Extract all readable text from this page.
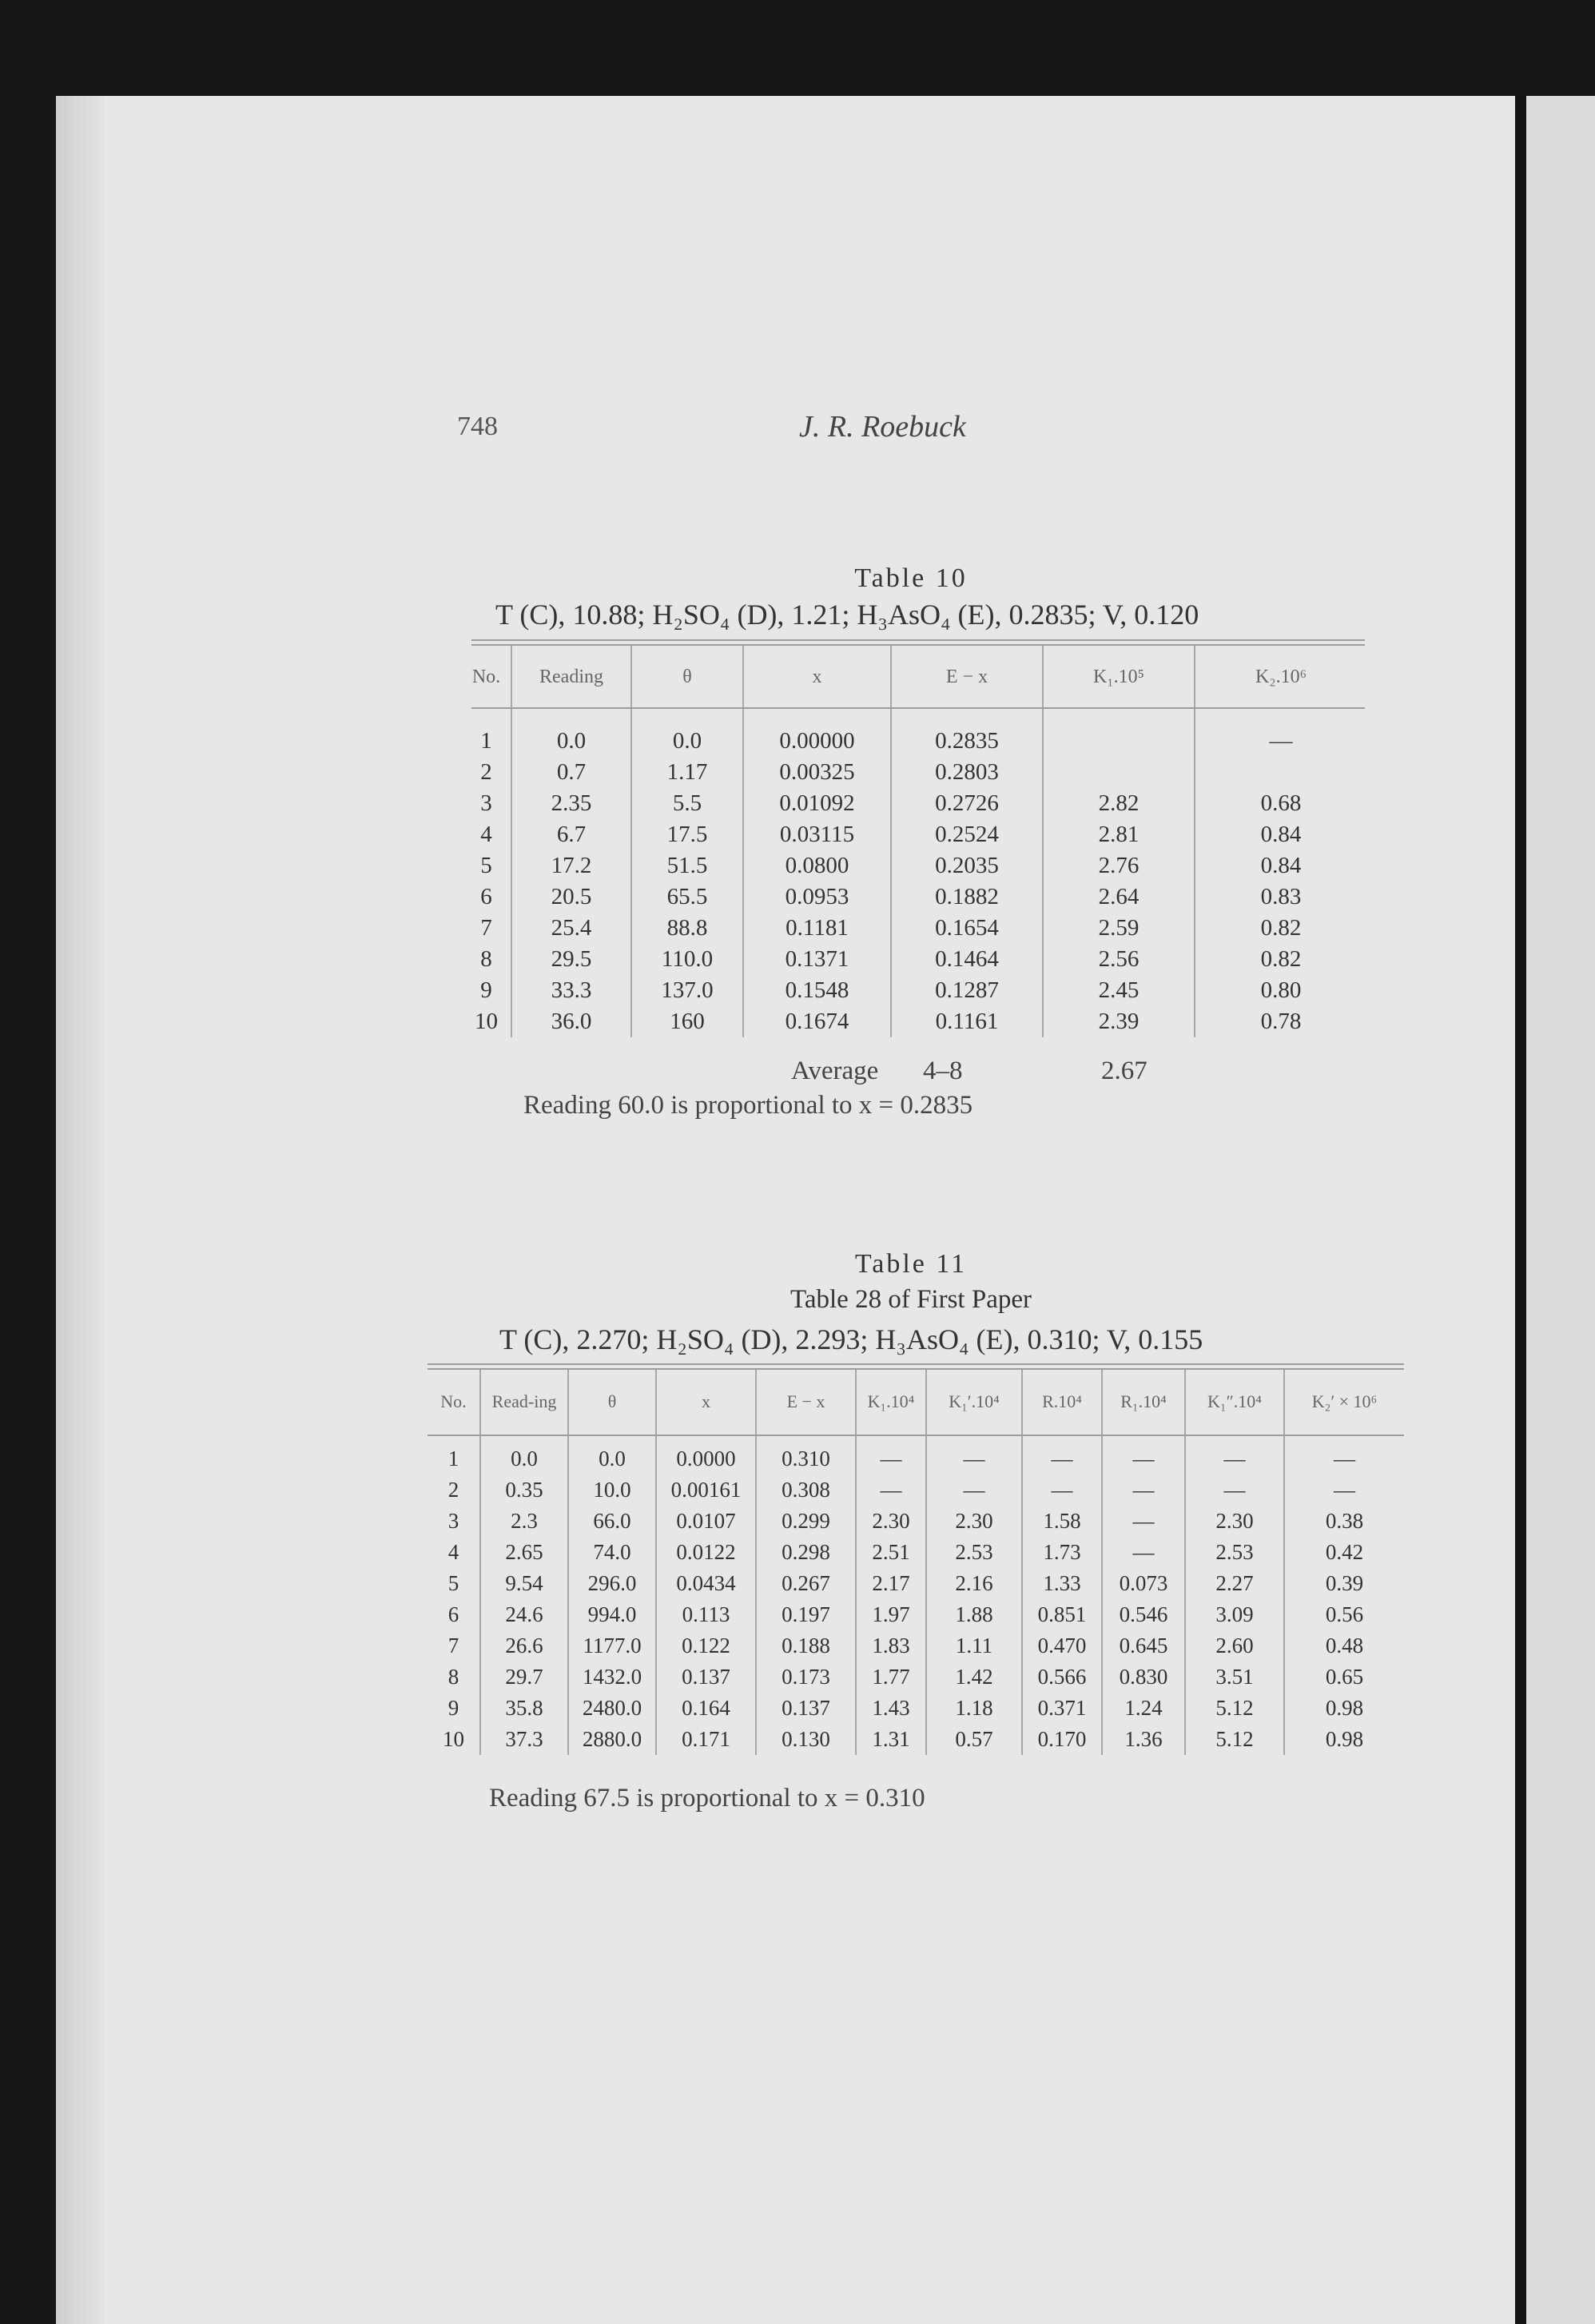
748	J. R. Roebuck
Table 10
T (C), 10.88; H₂SO₄ (D), 1.21; H₃AsO₄ (E), 0.2835; V, 0.120
No.	Reading	θ	x	E − x	K₁.10⁵	K₂.10⁶
1	0.0	0.0	0.00000	0.2835		—
2	0.7	1.17	0.00325	0.2803		
3	2.35	5.5	0.01092	0.2726	2.82	0.68
4	6.7	17.5	0.03115	0.2524	2.81	0.84
5	17.2	51.5	0.0800	0.2035	2.76	0.84
6	20.5	65.5	0.0953	0.1882	2.64	0.83
7	25.4	88.8	0.1181	0.1654	2.59	0.82
8	29.5	110.0	0.1371	0.1464	2.56	0.82
9	33.3	137.0	0.1548	0.1287	2.45	0.80
10	36.0	160	0.1674	0.1161	2.39	0.78
Average 4–8	2.67
Reading 60.0 is proportional to x = 0.2835
Table 11
Table 28 of First Paper
T (C), 2.270; H₂SO₄ (D), 2.293; H₃AsO₄ (E), 0.310; V, 0.155
No.	Read-ing	θ	x	E − x	K₁.10⁴	K₁′.10⁴	R.10⁴	R₁.10⁴	K₁″.10⁴	K₂′ × 10⁶
1	0.0	0.0	0.0000	0.310	—	—	—	—	—	—
2	0.35	10.0	0.00161	0.308	—	—	—	—	—	—
3	2.3	66.0	0.0107	0.299	2.30	2.30	1.58	—	2.30	0.38
4	2.65	74.0	0.0122	0.298	2.51	2.53	1.73	—	2.53	0.42
5	9.54	296.0	0.0434	0.267	2.17	2.16	1.33	0.073	2.27	0.39
6	24.6	994.0	0.113	0.197	1.97	1.88	0.851	0.546	3.09	0.56
7	26.6	1177.0	0.122	0.188	1.83	1.11	0.470	0.645	2.60	0.48
8	29.7	1432.0	0.137	0.173	1.77	1.42	0.566	0.830	3.51	0.65
9	35.8	2480.0	0.164	0.137	1.43	1.18	0.371	1.24	5.12	0.98
10	37.3	2880.0	0.171	0.130	1.31	0.57	0.170	1.36	5.12	0.98
Reading 67.5 is proportional to x = 0.310
